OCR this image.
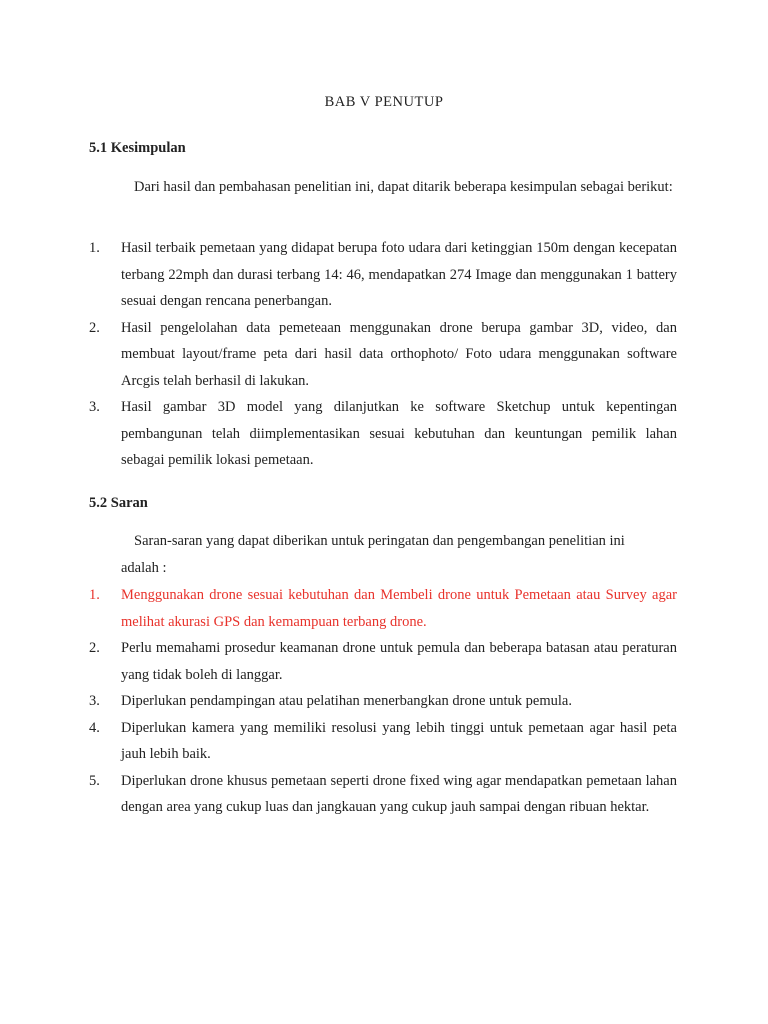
BAB V PENUTUP
5.1 Kesimpulan
Dari hasil dan pembahasan penelitian ini, dapat ditarik beberapa kesimpulan sebagai berikut:
1.	Hasil terbaik pemetaan yang didapat berupa foto udara dari ketinggian 150m dengan kecepatan terbang 22mph dan durasi terbang 14: 46, mendapatkan 274 Image dan menggunakan 1 battery sesuai dengan rencana penerbangan.
2.	Hasil pengelolahan data pemeteaan menggunakan drone berupa gambar 3D, video, dan membuat layout/frame peta dari hasil data orthophoto/ Foto udara menggunakan software Arcgis telah berhasil di lakukan.
3.	Hasil gambar 3D model yang dilanjutkan ke software Sketchup untuk kepentingan pembangunan telah diimplementasikan sesuai kebutuhan dan keuntungan pemilik lahan sebagai pemilik lokasi pemetaan.
5.2 Saran
Saran-saran yang dapat diberikan untuk peringatan dan pengembangan penelitian ini
adalah :
1.	Menggunakan drone sesuai kebutuhan dan Membeli drone untuk Pemetaan atau Survey agar melihat akurasi GPS dan kemampuan terbang drone.
2.	Perlu memahami prosedur keamanan drone untuk pemula dan beberapa batasan atau peraturan yang tidak boleh di langgar.
3.	Diperlukan pendampingan atau pelatihan menerbangkan drone untuk pemula.
4.	Diperlukan kamera yang memiliki resolusi yang lebih tinggi untuk pemetaan agar hasil peta jauh lebih baik.
5.	Diperlukan drone khusus pemetaan seperti drone fixed wing agar mendapatkan pemetaan lahan dengan area yang cukup luas dan jangkauan yang cukup jauh sampai dengan ribuan hektar.
